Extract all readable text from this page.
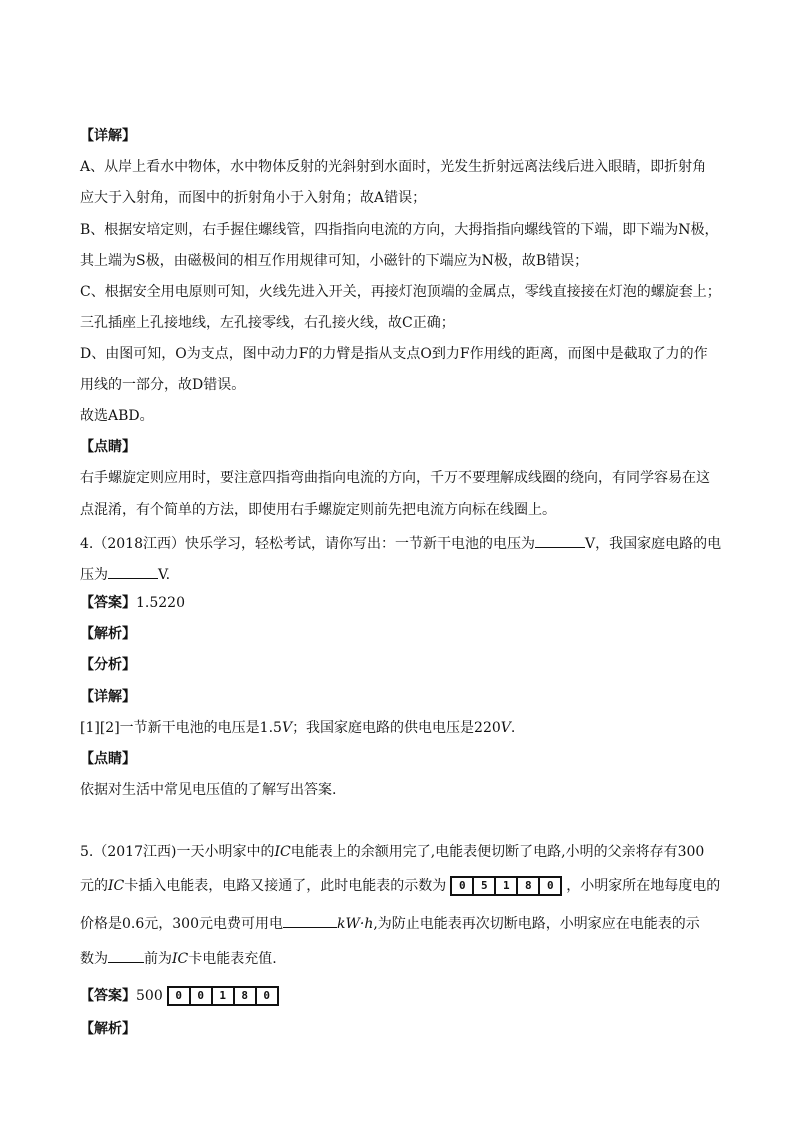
【详解】
A、从岸上看水中物体，水中物体反射的光斜射到水面时，光发生折射远离法线后进入眼睛，即折射角
应大于入射角，而图中的折射角小于入射角；故A错误；
B、根据安培定则，右手握住螺线管，四指指向电流的方向，大拇指指向螺线管的下端，即下端为N极，
其上端为S极，由磁极间的相互作用规律可知，小磁针的下端应为N极，故B错误；
C、根据安全用电原则可知，火线先进入开关，再接灯泡顶端的金属点，零线直接接在灯泡的螺旋套上；
三孔插座上孔接地线，左孔接零线，右孔接火线，故C正确；
D、由图可知，O为支点，图中动力F的力臂是指从支点O到力F作用线的距离，而图中是截取了力的作
用线的一部分，故D错误。
故选ABD。
【点睛】
右手螺旋定则应用时，要注意四指弯曲指向电流的方向，千万不要理解成线圈的绕向，有同学容易在这
点混淆，有个简单的方法，即使用右手螺旋定则前先把电流方向标在线圈上。
4.（2018江西）快乐学习，轻松考试，请你写出：一节新干电池的电压为	V，我国家庭电路的电
压为	V.
【答案】1.5220
【解析】
【分析】
【详解】
[1][2]一节新干电池的电压是1.5V；我国家庭电路的供电电压是220V.
【点睛】
依据对生活中常见电压值的了解写出答案.
5.（2017江西)一天小明家中的IC电能表上的余额用完了,电能表便切断了电路,小明的父亲将存有300
元的IC卡插入电能表，电路又接通了，此时电能表的示数为	0	5	1	8	0 ，小明家所在地每度电的
价格是0.6元，300元电费可用电	kW·h,为防止电能表再次切断电路，小明家应在电能表的示
数为	前为IC卡电能表充值.
【答案】500	0	0	1	8	0
【解析】
